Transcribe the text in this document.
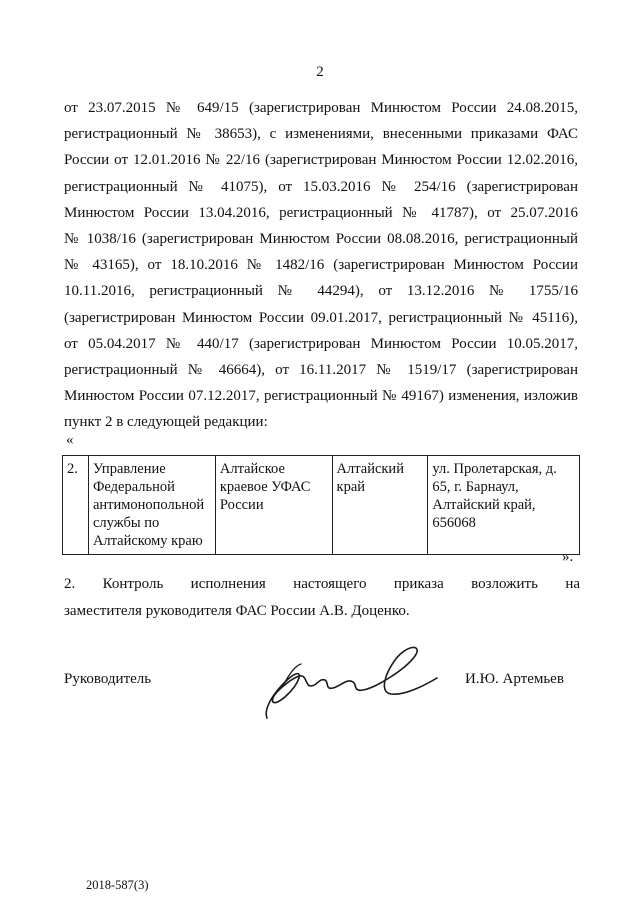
2
от 23.07.2015 № 649/15 (зарегистрирован Минюстом России 24.08.2015,
регистрационный № 38653), с изменениями, внесенными приказами ФАС
России от 12.01.2016 № 22/16 (зарегистрирован Минюстом России 12.02.2016,
регистрационный № 41075), от 15.03.2016 № 254/16 (зарегистрирован
Минюстом России 13.04.2016, регистрационный № 41787), от 25.07.2016
№ 1038/16 (зарегистрирован Минюстом России 08.08.2016, регистрационный
№ 43165), от 18.10.2016 № 1482/16 (зарегистрирован Минюстом России
10.11.2016, регистрационный № 44294), от 13.12.2016 № 1755/16
(зарегистрирован Минюстом России 09.01.2017, регистрационный № 45116),
от 05.04.2017 № 440/17 (зарегистрирован Минюстом России 10.05.2017,
регистрационный № 46664), от 16.11.2017 № 1519/17 (зарегистрирован
Минюстом России 07.12.2017, регистрационный № 49167) изменения, изложив
пункт 2 в следующей редакции:
«
2.	Управление Федеральной антимонопольной службы по Алтайскому краю	Алтайское краевое УФАС России	Алтайский край	ул. Пролетарская, д. 65, г. Барнаул, Алтайский край, 656068
».
2. Контроль исполнения настоящего приказа возложить на
заместителя руководителя ФАС России А.В. Доценко.
Руководитель	И.Ю. Артемьев
2018-587(3)
